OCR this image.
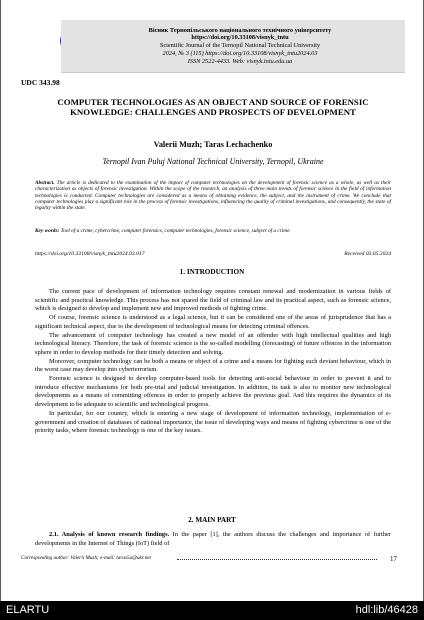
Вісник Тернопільського національного технічного університету
https://doi.org/10.33108/visnyk_tntu
Scientific Journal of the Ternopil National Technical University
2024, № 3 (115) https://doi.org/10.33108/visnyk_tntu2024.03
ISSN 2522-4433. Web: visnyk.tntu.edu.ua
UDC 343.98
COMPUTER TECHNOLOGIES AS AN OBJECT AND SOURCE OF FORENSIC KNOWLEDGE: CHALLENGES AND PROSPECTS OF DEVELOPMENT
Valerii Muzh; Taras Lechachenko
Ternopil Ivan Puluj National Technical University, Ternopil, Ukraine
Abstract. The article is dedicated to the examination of the impact of computer technologies on the development of forensic science as a whole, as well as their characterization as objects of forensic investigation. Within the scope of the research, an analysis of three main trends of forensic science in the field of information technologies is conducted. Computer technologies are considered as a means of obtaining evidence, the subject, and the instrument of crime. We conclude that computer technologies play a significant role in the process of forensic investigations, influencing the quality of criminal investigations, and consequently, the state of legality within the state.
Key words: Tool of a crime, cybercrime, computer forensics, computer technologies, forensic science, subject of a crime.
https://doi.org/10.33108/visnyk_tntu2024.03.017	Received 03.05.2024
1. INTRODUCTION

The current pace of development of information technology requires constant renewal and modernization in various fields of scientific and practical knowledge. This process has not spared the field of criminal law and its practical aspect, such as forensic science, which is designed to develop and implement new and improved methods of fighting crime.

Of course, forensic science is understood as a legal science, but it can be considered one of the areas of jurisprudence that has a significant technical aspect, due to the development of technological means for detecting criminal offences.

The advancement of computer technology has created a new model of an offender with high intellectual qualities and high technological literacy. Therefore, the task of forensic science is the so-called modelling (forecasting) of future offences in the information sphere in order to develop methods for their timely detection and solving.

Moreover, computer technology can be both a means or object of a crime and a means for fighting such deviant behaviour, which in the worst case may develop into cyberterrorism.

Forensic science is designed to develop computer-based tools for detecting anti-social behaviour in order to prevent it and to introduce effective mechanisms for both pre-trial and judicial investigation. In addition, its task is also to monitor new technological developments as a means of committing offences in order to properly achieve the previous goal. And this requires the dynamics of its development to be adequate to scientific and technological progress.

In particular, for our country, which is entering a new stage of development of information technology, implementation of e-government and creation of databases of national importance, the issue of developing ways and means of fighting cybercrime is one of the priority tasks, where forensic technology is one of the key issues.

2. MAIN PART

2.1. Analysis of known research findings. In the paper [1], the authors discuss the challenges and importance of further developments in the Internet of Things (IoT) field of

Corresponding author: Valerii Muzh; e-mail: taras5a@ukr.net	17
ELARTU	hdl:lib/46428
